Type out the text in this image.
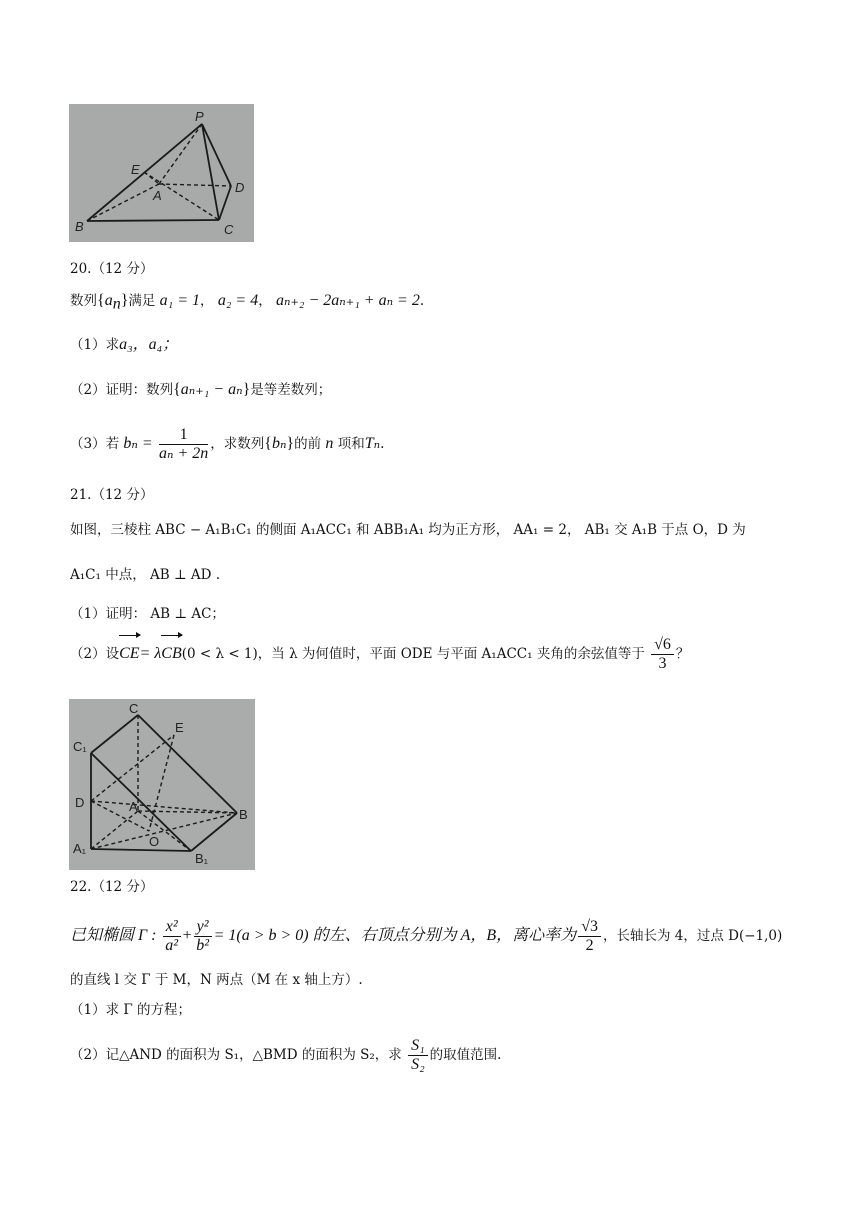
P
E
A
D
B	C
20.（12 分）
数列$\{a_n\}$满足 a₁ = 1， a₂ = 4， aₙ₊₂ − 2aₙ₊₁ + aₙ = 2.
（1）求a₃，a₄；
（2）证明：数列{aₙ₊₁ − aₙ}是等差数列；
（3）若 $b_n = \frac{1}{\text{aₙ + 2n}}$ ，求数列{bₙ}的前 n 项和Tₙ.
21.（12 分）
如图，三棱柱 ABC − A₁B₁C₁ 的侧面 A₁ACC₁ 和 ABB₁A₁ 均为正方形， AA₁ = 2， AB₁ 交 A₁B 于点 O，D 为
A₁C₁ 中点， AB ⊥ AD .
（1）证明： AB ⊥ AC；
（2）设CE= λCB(0 < λ < 1)，当 λ 为何值时，平面 ODE 与平面 A₁ACC₁ 夹角的余弦值等于 $\frac{√6}{3}$ ？
C
C₁
E
D	A
B
O
A₁
B₁
22.（12 分）
已知椭圆 Γ : $\frac{\text{x²}}{\text{a²}} + \frac{\text{y²}}{\text{b²}} = 1(a > b > 0)$ 的左、右顶点分别为 A，B，离心率为 $\frac{√3}{2}$ ，长轴长为 4，过点 D(−1,0)
的直线 l 交 Γ 于 M，N 两点（M 在 x 轴上方）.
（1）求 Γ 的方程；
（2）记△AND 的面积为 S₁，△BMD 的面积为 S₂，求 $\frac{\text{S₁}}{\text{S₂}}$ 的取值范围.
